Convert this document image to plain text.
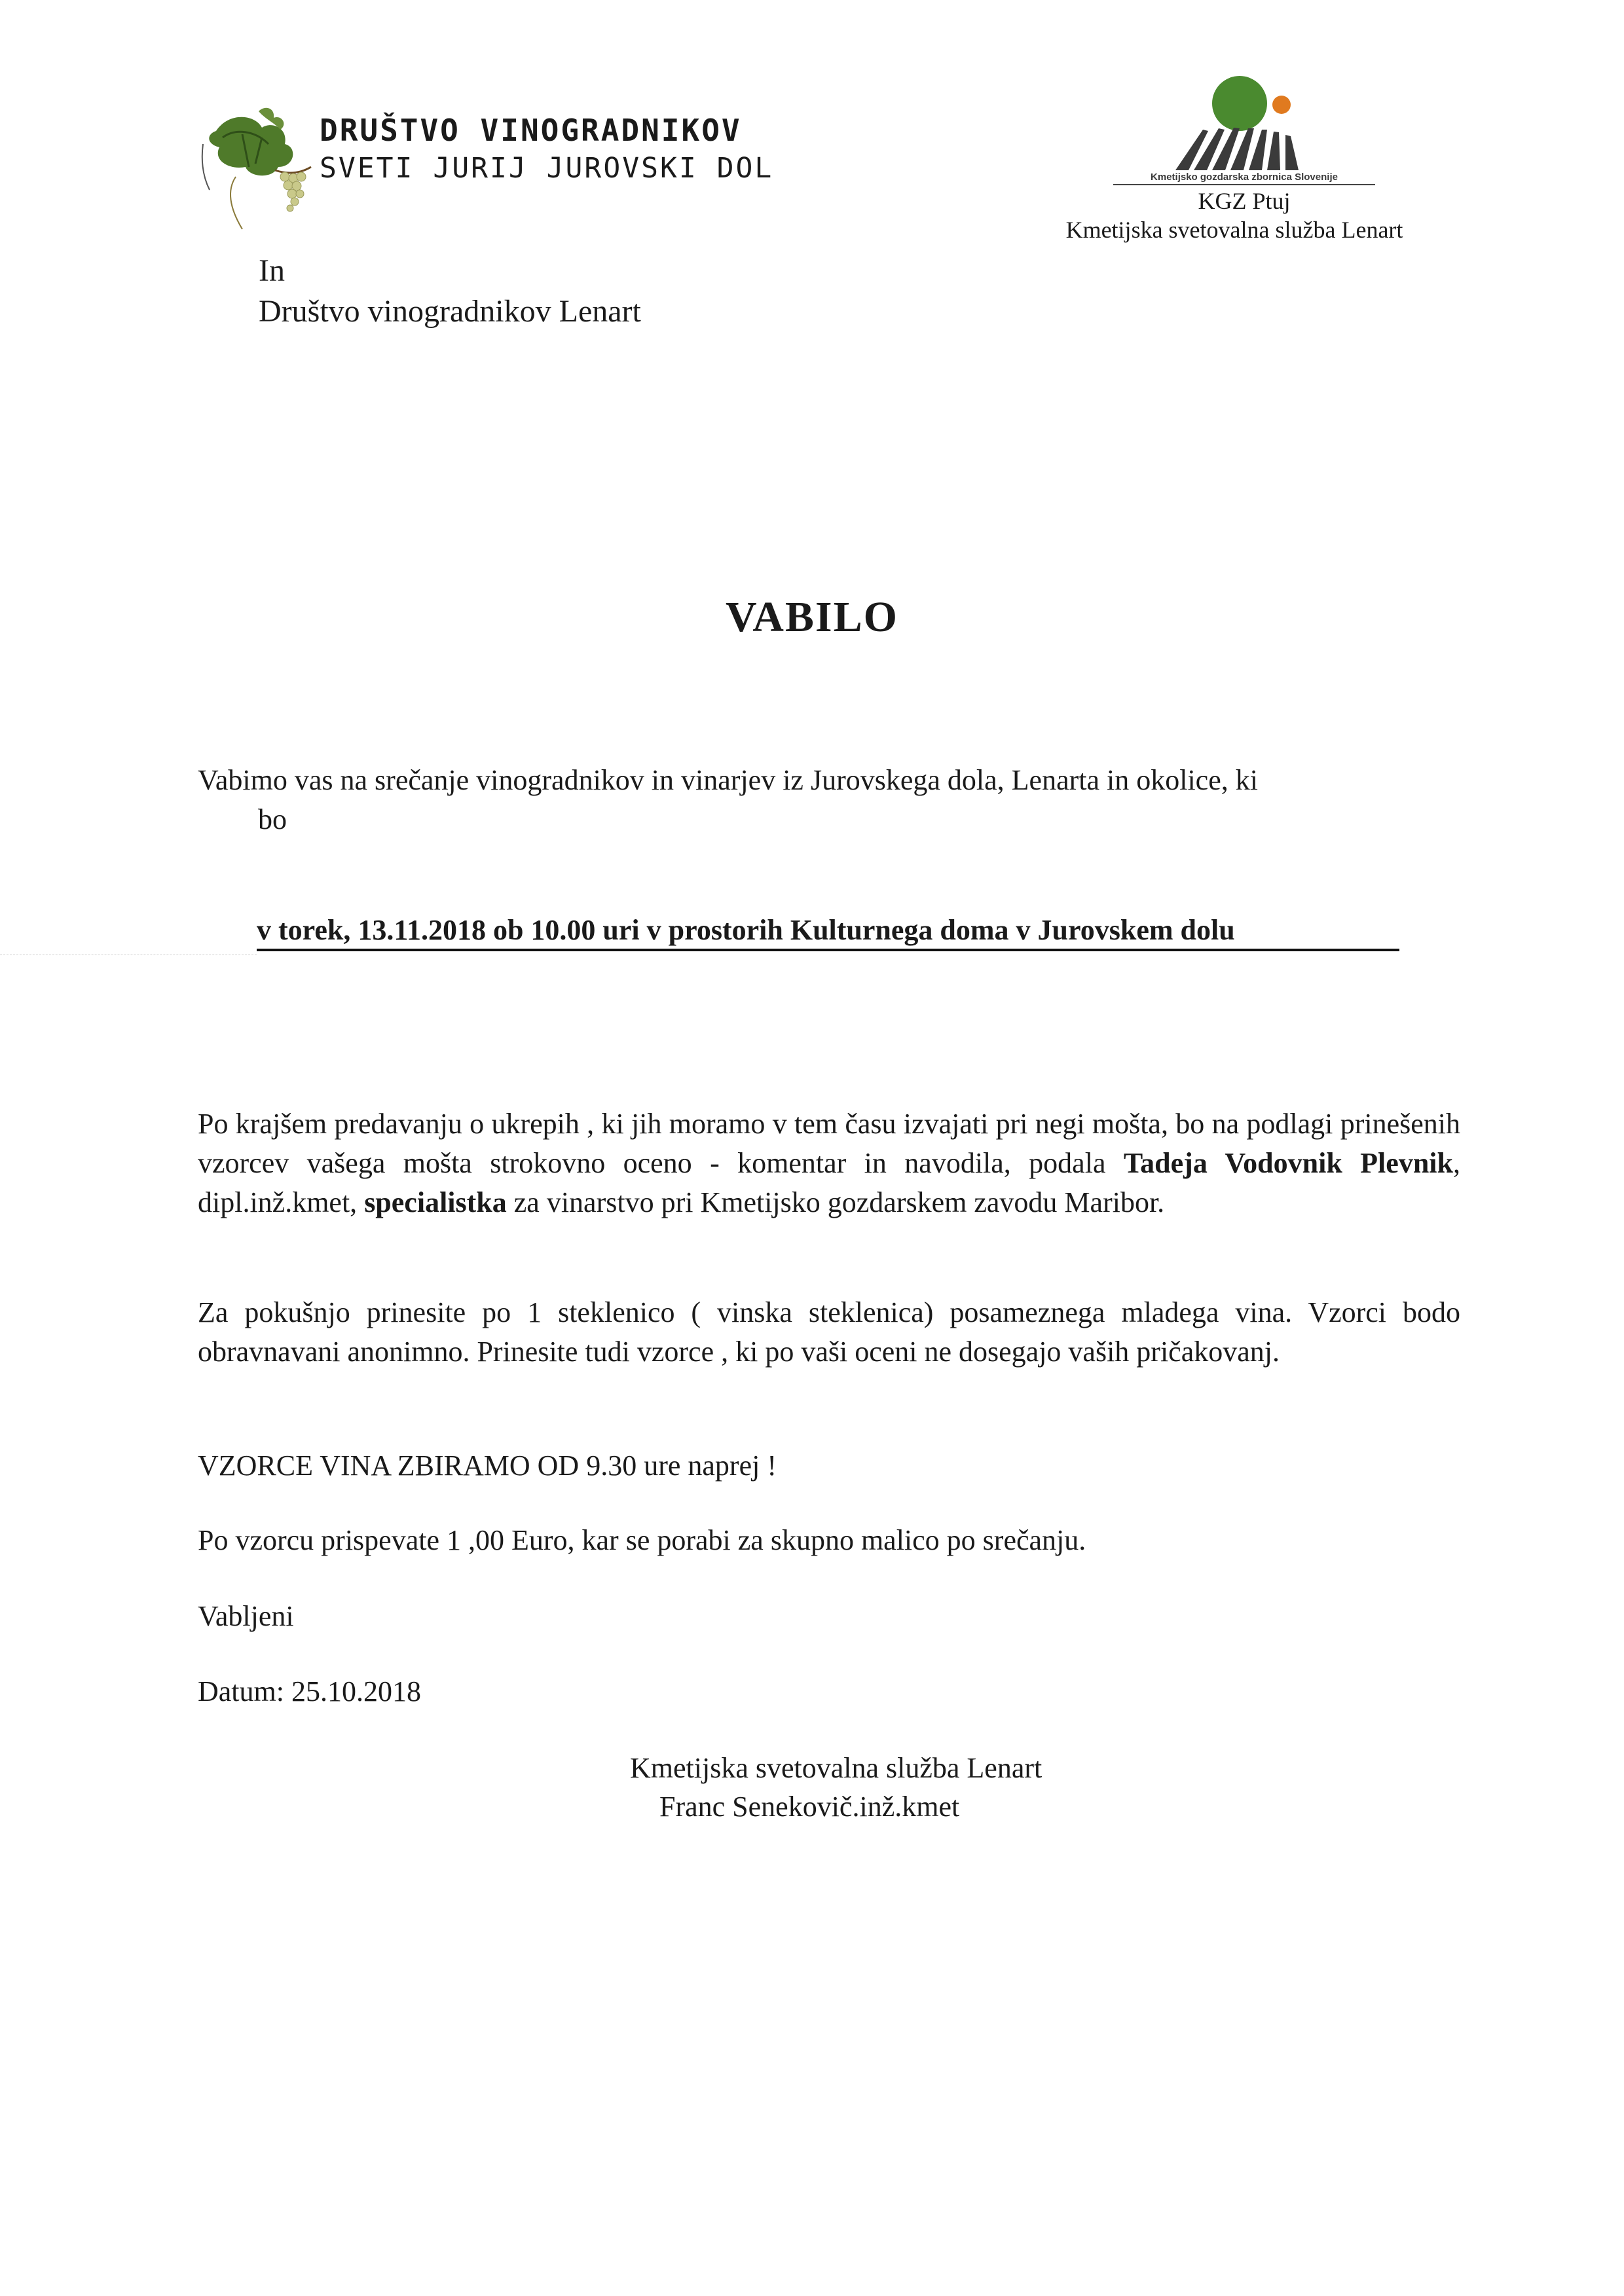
DRUŠTVO VINOGRADNIKOV
SVETI JURIJ JUROVSKI DOL	Kmetijsko gozdarska zbornica Slovenije
KGZ Ptuj
Kmetijska svetovalna služba Lenart
In
Društvo vinogradnikov Lenart
VABILO
Vabimo vas na srečanje vinogradnikov in vinarjev iz Jurovskega dola, Lenarta in okolice, ki
bo
v torek, 13.11.2018 ob 10.00 uri v prostorih Kulturnega doma v Jurovskem dolu
Po krajšem predavanju o ukrepih , ki jih moramo v tem času izvajati pri negi mošta, bo na podlagi prinešenih vzorcev vašega mošta strokovno oceno - komentar in navodila, podala Tadeja Vodovnik Plevnik, dipl.inž.kmet, specialistka za vinarstvo pri Kmetijsko gozdarskem zavodu Maribor.
Za pokušnjo prinesite po 1 steklenico ( vinska steklenica) posameznega mladega vina. Vzorci bodo obravnavani anonimno. Prinesite tudi vzorce , ki po vaši oceni ne dosegajo vaših pričakovanj.
VZORCE VINA ZBIRAMO OD 9.30 ure naprej !
Po vzorcu prispevate 1 ,00 Euro, kar se porabi za skupno malico po srečanju.
Vabljeni
Datum: 25.10.2018
Kmetijska svetovalna služba Lenart
Franc Senekovič.inž.kmet
